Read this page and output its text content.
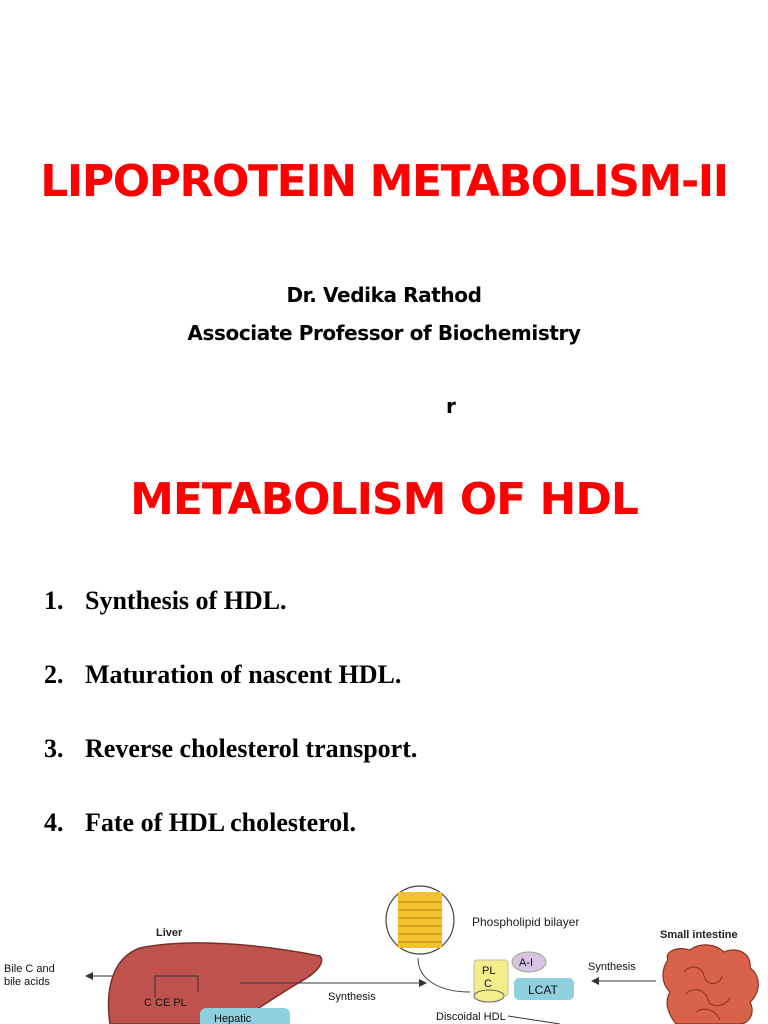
LIPOPROTEIN METABOLISM-II
Dr. Vedika Rathod
Associate Professor of Biochemistry
r
METABOLISM OF HDL
1. Synthesis of HDL.
2. Maturation of nascent HDL.
3. Reverse cholesterol transport.
4. Fate of HDL cholesterol.
Liver
C CE PL
Hepatic
Bile C and
bile acids
Synthesis
Phospholipid bilayer
PL
C
A-I
LCAT
Discoidal HDL
Small intestine
Synthesis
